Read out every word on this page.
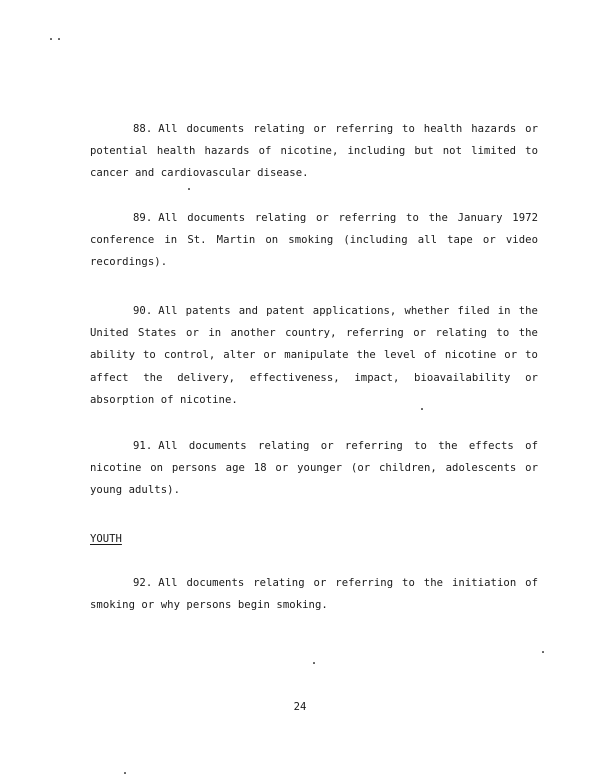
88. All documents relating or referring to health hazards or potential health hazards of nicotine, including but not limited to cancer and cardiovascular disease.

89. All documents relating or referring to the January 1972 conference in St. Martin on smoking (including all tape or video recordings).

90. All patents and patent applications, whether filed in the United States or in another country, referring or relating to the ability to control, alter or manipulate the level of nicotine or to affect the delivery, effectiveness, impact, bioavailability or absorption of nicotine.

91. All documents relating or referring to the effects of nicotine on persons age 18 or younger (or children, adolescents or young adults).

YOUTH

92. All documents relating or referring to the initiation of smoking or why persons begin smoking.

24
